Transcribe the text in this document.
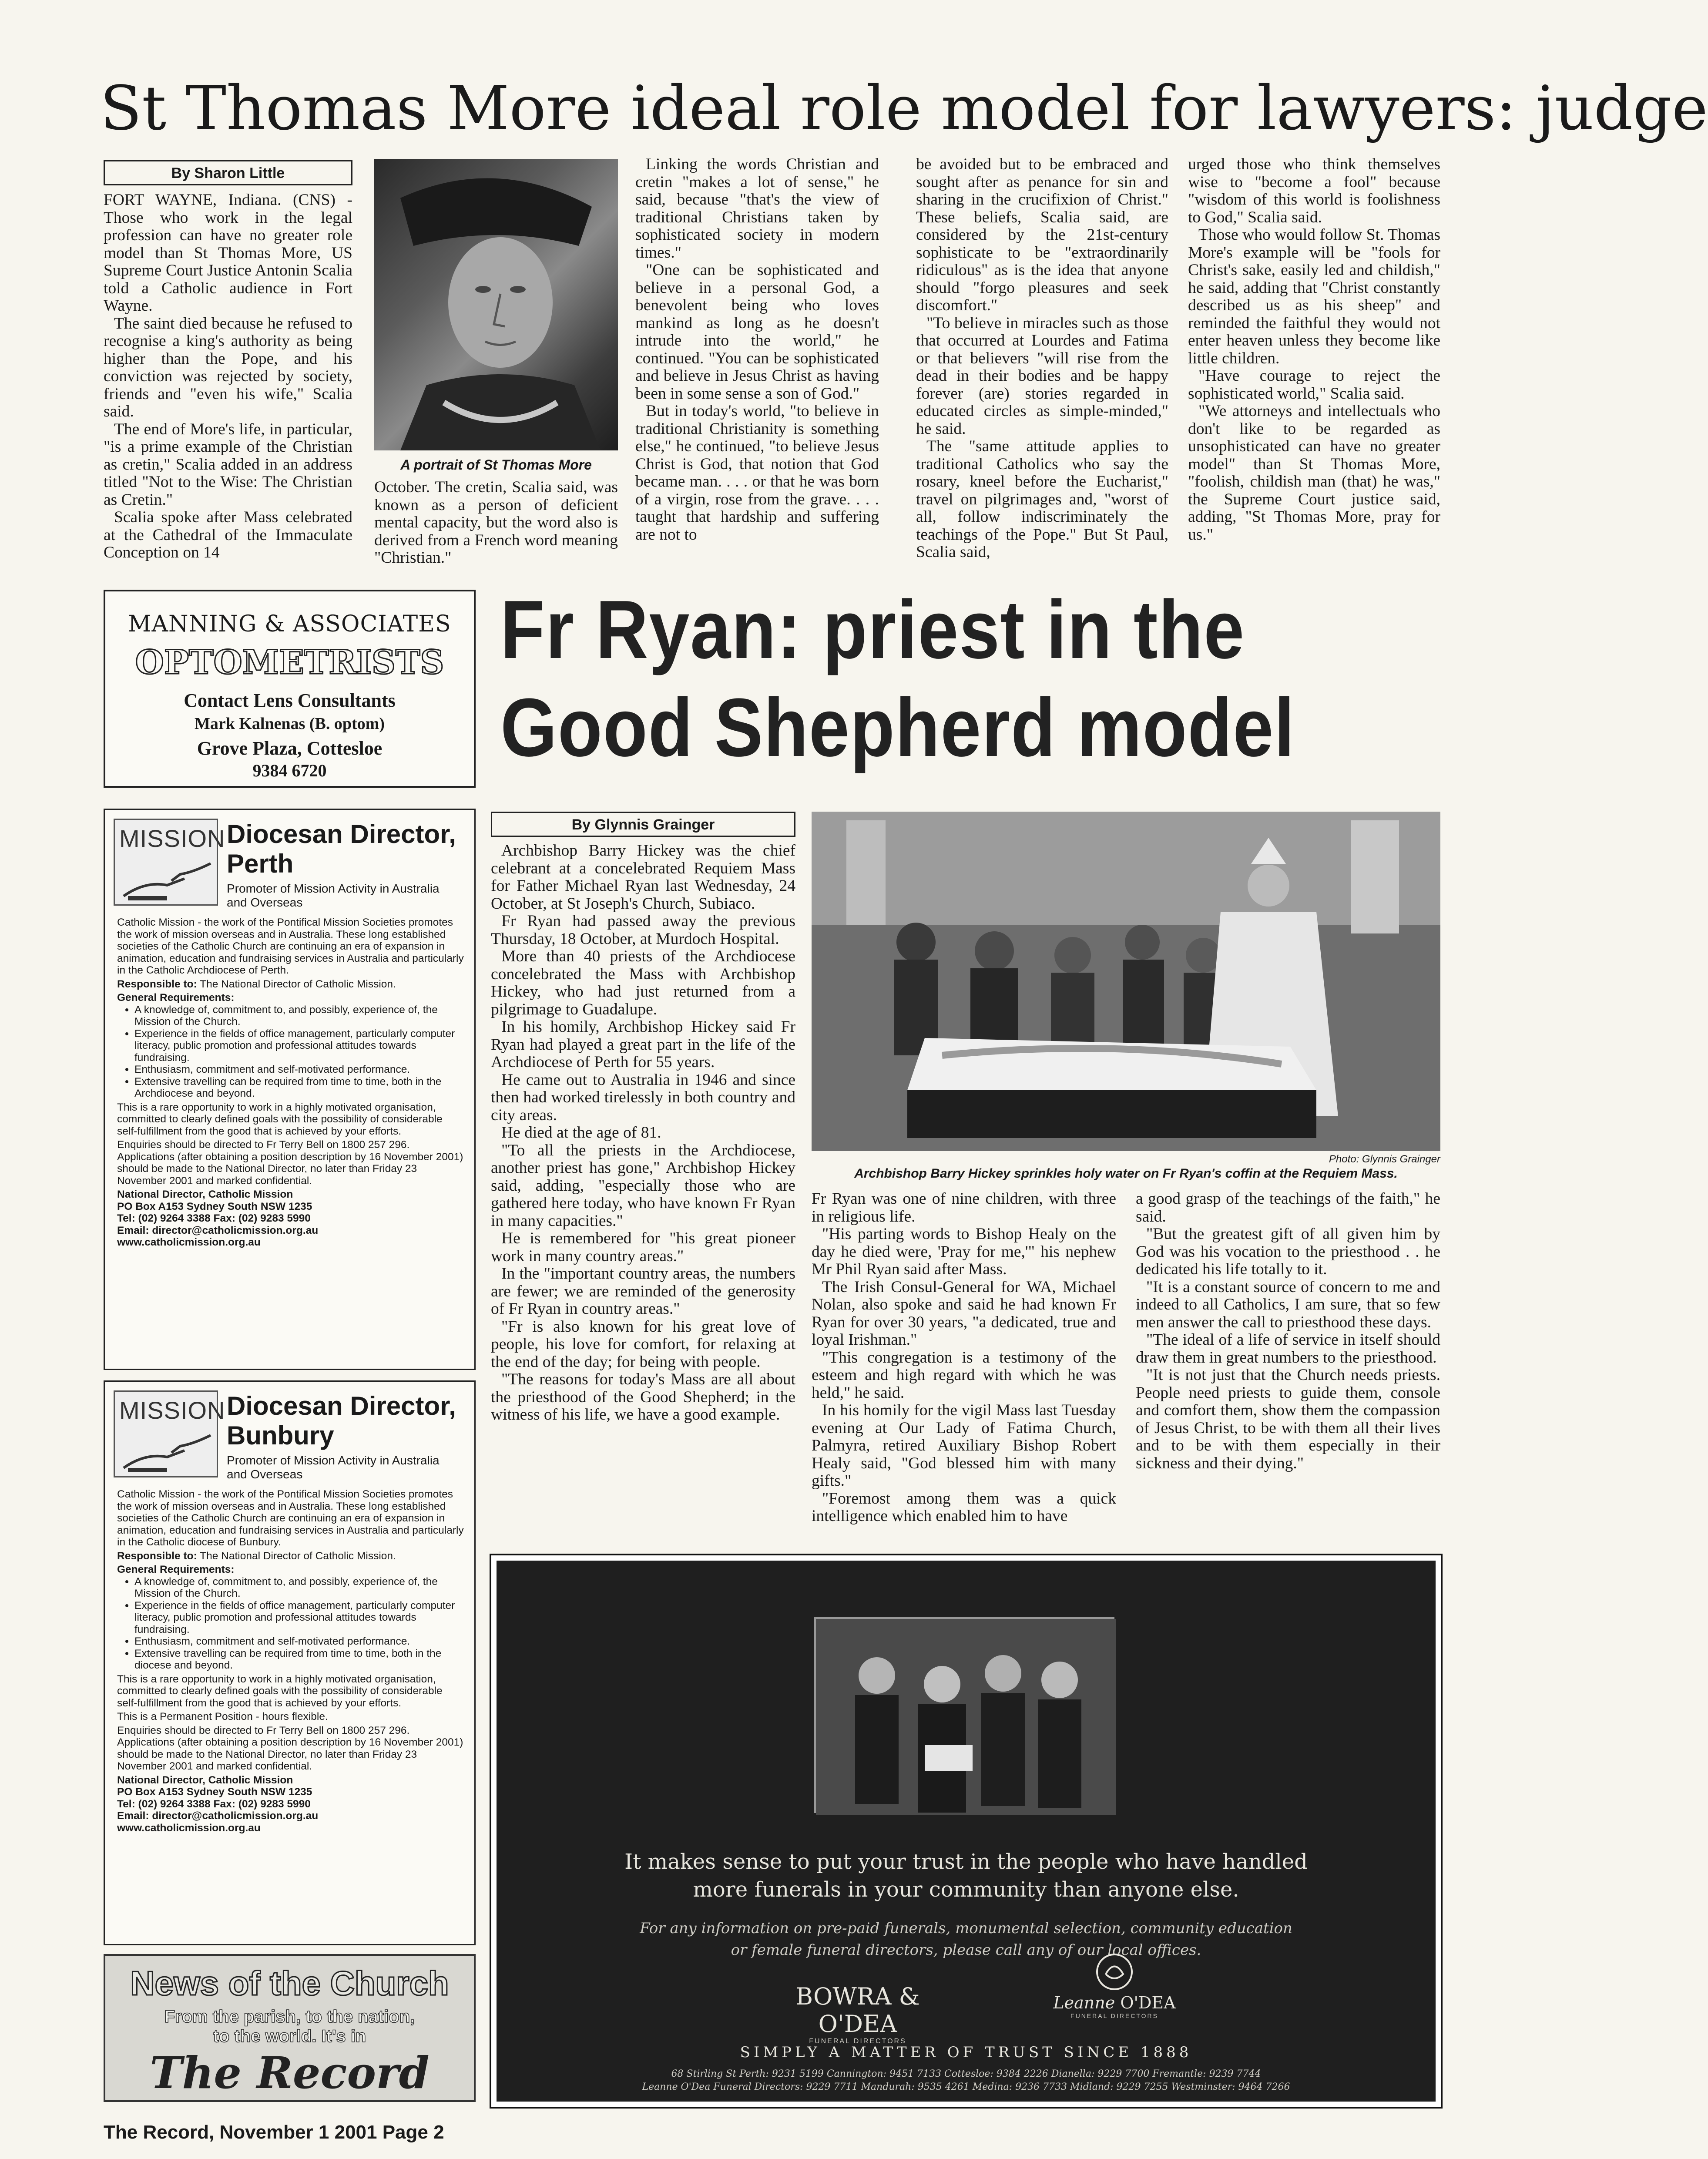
St Thomas More ideal role model for lawyers: judge
By Sharon Little

FORT WAYNE, Indiana. (CNS) - Those who work in the legal profession can have no greater role model than St Thomas More, US Supreme Court Justice Antonin Scalia told a Catholic audience in Fort Wayne.

The saint died because he refused to recognise a king's authority as being higher than the Pope, and his conviction was rejected by society, friends and "even his wife," Scalia said.

The end of More's life, in particular, "is a prime example of the Christian as cretin," Scalia added in an address titled "Not to the Wise: The Christian as Cretin."

Scalia spoke after Mass celebrated at the Cathedral of the Immaculate Conception on 14

A portrait of St Thomas More

October. The cretin, Scalia said, was known as a person of deficient mental capacity, but the word also is derived from a French word meaning "Christian."

Linking the words Christian and cretin "makes a lot of sense," he said, because "that's the view of traditional Christians taken by sophisticated society in modern times."

"One can be sophisticated and believe in a personal God, a benevolent being who loves mankind as long as he doesn't intrude into the world," he continued. "You can be sophisticated and believe in Jesus Christ as having been in some sense a son of God."

But in today's world, "to believe in traditional Christianity is something else," he continued, "to believe Jesus Christ is God, that notion that God became man. . . . or that he was born of a virgin, rose from the grave. . . . taught that hardship and suffering are not to

be avoided but to be embraced and sought after as penance for sin and sharing in the crucifixion of Christ." These beliefs, Scalia said, are considered by the 21st-century sophisticate to be "extraordinarily ridiculous" as is the idea that anyone should "forgo pleasures and seek discomfort."

"To believe in miracles such as those that occurred at Lourdes and Fatima or that believers "will rise from the dead in their bodies and be happy forever (are) stories regarded in educated circles as simple-minded," he said.

The "same attitude applies to traditional Catholics who say the rosary, kneel before the Eucharist," travel on pilgrimages and, "worst of all, follow indiscriminately the teachings of the Pope." But St Paul, Scalia said,

urged those who think themselves wise to "become a fool" because "wisdom of this world is foolishness to God," Scalia said.

Those who would follow St. Thomas More's example will be "fools for Christ's sake, easily led and childish," he said, adding that "Christ constantly described us as his sheep" and reminded the faithful they would not enter heaven unless they become like little children.

"Have courage to reject the sophisticated world," Scalia said.

"We attorneys and intellectuals who don't like to be regarded as unsophisticated can have no greater model" than St Thomas More, "foolish, childish man (that) he was," the Supreme Court justice said, adding, "St Thomas More, pray for us."

MANNING & ASSOCIATES
OPTOMETRISTS
Contact Lens Consultants
Mark Kalnenas (B. optom)
Grove Plaza, Cottesloe
9384 6720
Fr Ryan: priest in the
Good Shepherd model
MISSION Diocesan Director,
Perth
Promoter of Mission Activity in Australia and Overseas

Catholic Mission - the work of the Pontifical Mission Societies promotes the work of mission overseas and in Australia. These long established societies of the Catholic Church are continuing an era of expansion in animation, education and fundraising services in Australia and particularly in the Catholic Archdiocese of Perth.

Responsible to: The National Director of Catholic Mission.

General Requirements:

• A knowledge of, commitment to, and possibly, experience of, the Mission of the Church.
• Experience in the fields of office management, particularly computer literacy, public promotion and professional attitudes towards fundraising.
• Enthusiasm, commitment and self-motivated performance.
• Extensive travelling can be required from time to time, both in the Archdiocese and beyond.

This is a rare opportunity to work in a highly motivated organisation, committed to clearly defined goals with the possibility of considerable self-fulfillment from the good that is achieved by your efforts.

Enquiries should be directed to Fr Terry Bell on 1800 257 296. Applications (after obtaining a position description by 16 November 2001) should be made to the National Director, no later than Friday 23 November 2001 and marked confidential.

National Director, Catholic Mission

PO Box A153 Sydney South NSW 1235

Tel: (02) 9264 3388 Fax: (02) 9283 5990

Email: director@catholicmission.org.au

www.catholicmission.org.au

MISSION Diocesan Director,
Bunbury
Promoter of Mission Activity in Australia and Overseas

Catholic Mission - the work of the Pontifical Mission Societies promotes the work of mission overseas and in Australia. These long established societies of the Catholic Church are continuing an era of expansion in animation, education and fundraising services in Australia and particularly in the Catholic diocese of Bunbury.

Responsible to: The National Director of Catholic Mission.

General Requirements:

• A knowledge of, commitment to, and possibly, experience of, the Mission of the Church.
• Experience in the fields of office management, particularly computer literacy, public promotion and professional attitudes towards fundraising.
• Enthusiasm, commitment and self-motivated performance.
• Extensive travelling can be required from time to time, both in the diocese and beyond.

This is a rare opportunity to work in a highly motivated organisation, committed to clearly defined goals with the possibility of considerable self-fulfillment from the good that is achieved by your efforts.

This is a Permanent Position - hours flexible.

Enquiries should be directed to Fr Terry Bell on 1800 257 296. Applications (after obtaining a position description by 16 November 2001) should be made to the National Director, no later than Friday 23 November 2001 and marked confidential.

National Director, Catholic Mission

PO Box A153 Sydney South NSW 1235

Tel: (02) 9264 3388 Fax: (02) 9283 5990

Email: director@catholicmission.org.au

www.catholicmission.org.au

News of the Church
From the parish, to the nation,
to the world. It's in
The Record
By Glynnis Grainger

Archbishop Barry Hickey was the chief celebrant at a concelebrated Requiem Mass for Father Michael Ryan last Wednesday, 24 October, at St Joseph's Church, Subiaco.

Fr Ryan had passed away the previous Thursday, 18 October, at Murdoch Hospital.

More than 40 priests of the Archdiocese concelebrated the Mass with Archbishop Hickey, who had just returned from a pilgrimage to Guadalupe.

In his homily, Archbishop Hickey said Fr Ryan had played a great part in the life of the Archdiocese of Perth for 55 years.

He came out to Australia in 1946 and since then had worked tirelessly in both country and city areas.

He died at the age of 81.

"To all the priests in the Archdiocese, another priest has gone," Archbishop Hickey said, adding, "especially those who are gathered here today, who have known Fr Ryan in many capacities."

He is remembered for "his great pioneer work in many country areas."

In the "important country areas, the numbers are fewer; we are reminded of the generosity of Fr Ryan in country areas."

"Fr is also known for his great love of people, his love for comfort, for relaxing at the end of the day; for being with people.

"The reasons for today's Mass are all about the priesthood of the Good Shepherd; in the witness of his life, we have a good example.

Photo: Glynnis Grainger
Archbishop Barry Hickey sprinkles holy water on Fr Ryan's coffin at the Requiem Mass.

Fr Ryan was one of nine children, with three in religious life.

"His parting words to Bishop Healy on the day he died were, 'Pray for me,'" his nephew Mr Phil Ryan said after Mass.

The Irish Consul-General for WA, Michael Nolan, also spoke and said he had known Fr Ryan for over 30 years, "a dedicated, true and loyal Irishman."

"This congregation is a testimony of the esteem and high regard with which he was held," he said.

In his homily for the vigil Mass last Tuesday evening at Our Lady of Fatima Church, Palmyra, retired Auxiliary Bishop Robert Healy said, "God blessed him with many gifts."

"Foremost among them was a quick intelligence which enabled him to have

a good grasp of the teachings of the faith," he said.

"But the greatest gift of all given him by God was his vocation to the priesthood . . he dedicated his life totally to it.

"It is a constant source of concern to me and indeed to all Catholics, I am sure, that so few men answer the call to priesthood these days.

"The ideal of a life of service in itself should draw them in great numbers to the priesthood.

"It is not just that the Church needs priests. People need priests to guide them, console and comfort them, show them the compassion of Jesus Christ, to be with them all their lives and to be with them especially in their sickness and their dying."

It makes sense to put your trust in the people who have handled
more funerals in your community than anyone else.
For any information on pre-paid funerals, monumental selection, community education
or female funeral directors, please call any of our local offices.
BOWRA & O'DEA
FUNERAL DIRECTORS
Leanne O'DEA
FUNERAL DIRECTORS
SIMPLY A MATTER OF TRUST SINCE 1888
68 Stirling St Perth: 9231 5199 Cannington: 9451 7133 Cottesloe: 9384 2226 Dianella: 9229 7700 Fremantle: 9239 7744
Leanne O'Dea Funeral Directors: 9229 7711 Mandurah: 9535 4261 Medina: 9236 7733 Midland: 9229 7255 Westminster: 9464 7266
The Record, November 1 2001 Page 2
